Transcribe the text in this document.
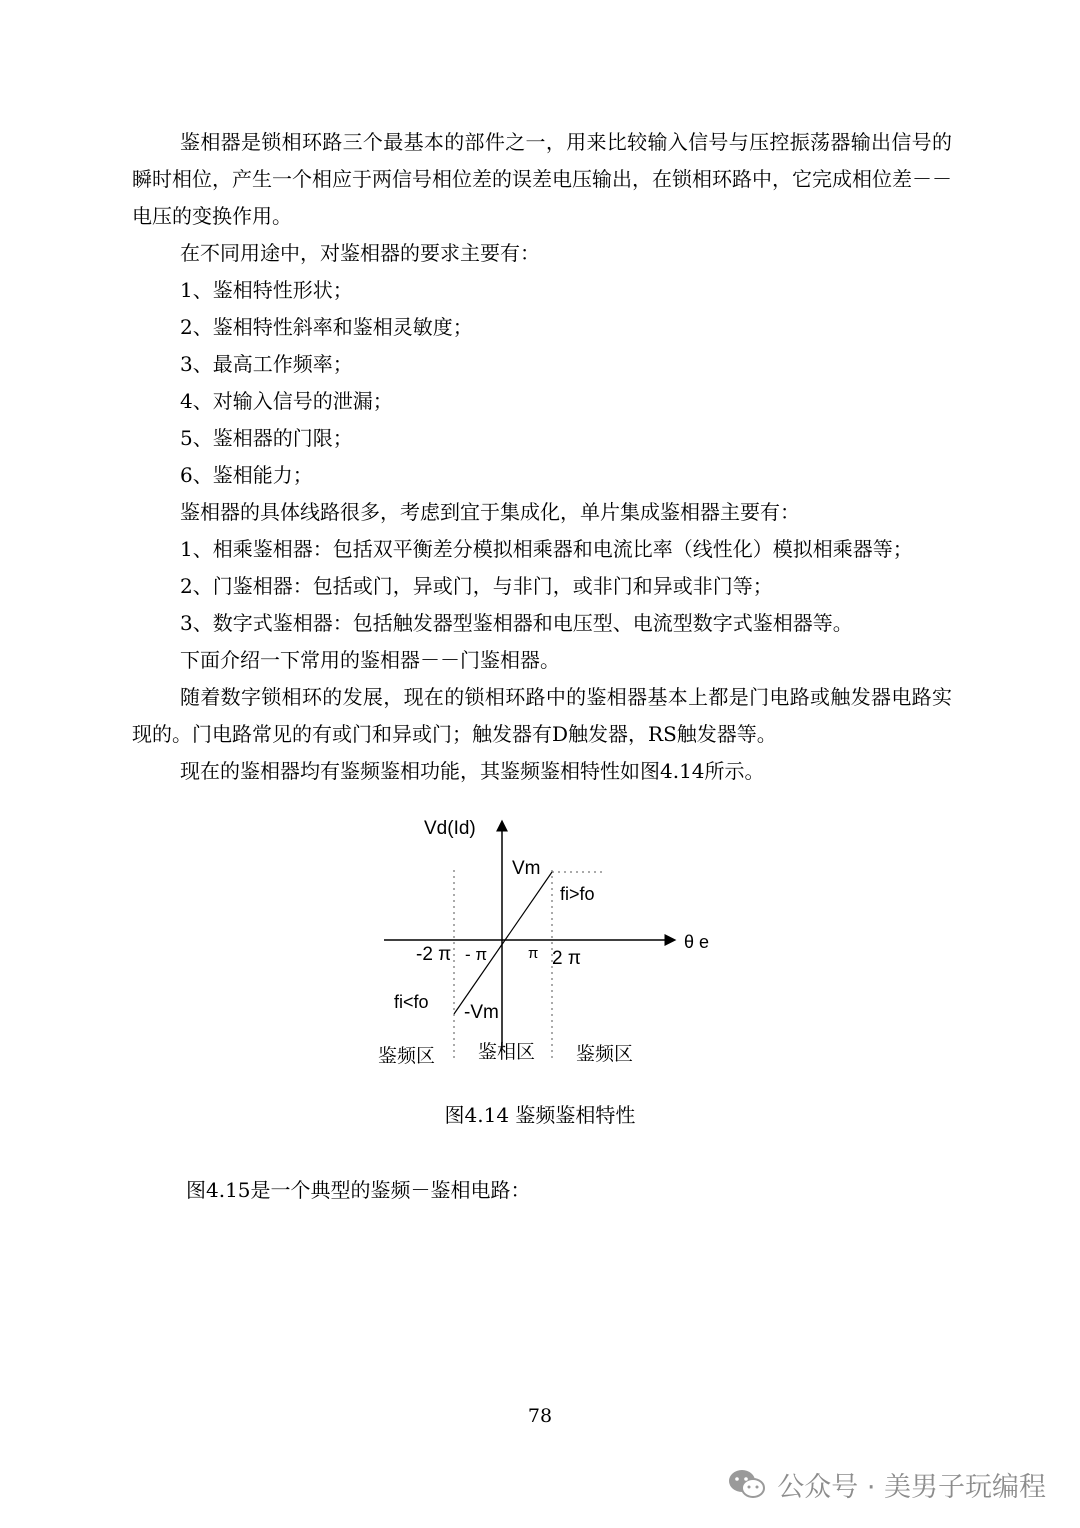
鉴相器是锁相环路三个最基本的部件之一，用来比较输入信号与压控振荡器输出信号的瞬时相位，产生一个相应于两信号相位差的误差电压输出，在锁相环路中，它完成相位差－－电压的变换作用。

在不同用途中，对鉴相器的要求主要有：

1、鉴相特性形状；

2、鉴相特性斜率和鉴相灵敏度；

3、最高工作频率；

4、对输入信号的泄漏；

5、鉴相器的门限；

6、鉴相能力；

鉴相器的具体线路很多，考虑到宜于集成化，单片集成鉴相器主要有：

1、相乘鉴相器：包括双平衡差分模拟相乘器和电流比率（线性化）模拟相乘器等；

2、门鉴相器：包括或门，异或门，与非门，或非门和异或非门等；

3、数字式鉴相器：包括触发器型鉴相器和电压型、电流型数字式鉴相器等。

下面介绍一下常用的鉴相器－－门鉴相器。

随着数字锁相环的发展，现在的锁相环路中的鉴相器基本上都是门电路或触发器电路实现的。门电路常见的有或门和异或门；触发器有D触发器，RS触发器等。

现在的鉴相器均有鉴频鉴相功能，其鉴频鉴相特性如图4.14所示。

Vd(Id)
θ e
Vm
fi>fo
-2 π - π	π 2 π
fi<fo -Vm
鉴频区 鉴相区 鉴频区
图4.14 鉴频鉴相特性

图4.15是一个典型的鉴频－鉴相电路：

78
公众号 · 美男子玩编程
